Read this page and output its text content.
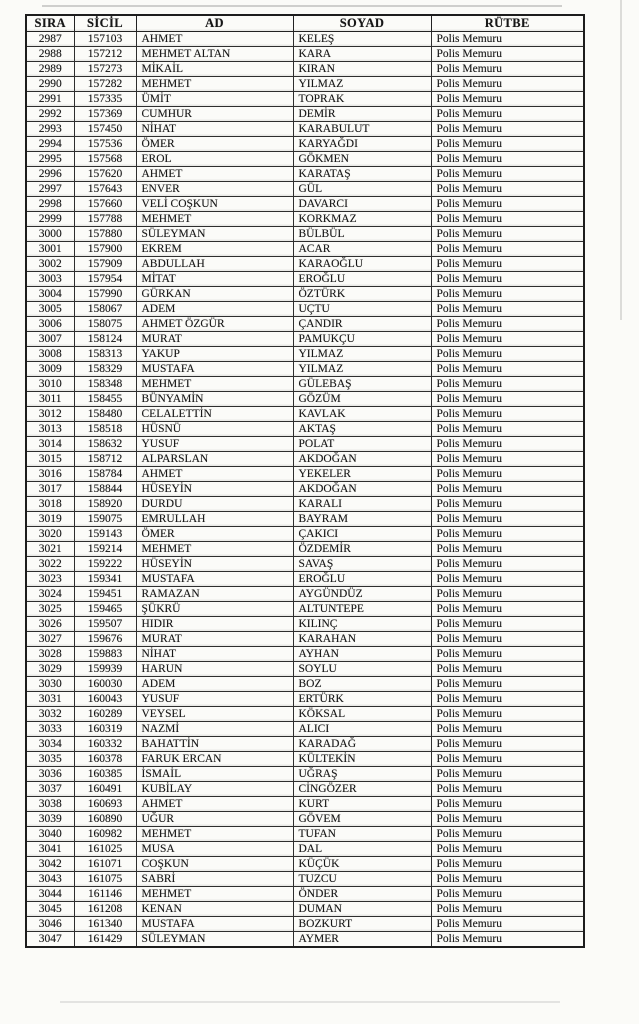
SIRA	SİCİL	AD	SOYAD	RÜTBE
2987	157103	AHMET	KELEŞ	Polis Memuru
2988	157212	MEHMET ALTAN	KARA	Polis Memuru
2989	157273	MİKAİL	KIRAN	Polis Memuru
2990	157282	MEHMET	YILMAZ	Polis Memuru
2991	157335	ÜMİT	TOPRAK	Polis Memuru
2992	157369	CUMHUR	DEMİR	Polis Memuru
2993	157450	NİHAT	KARABULUT	Polis Memuru
2994	157536	ÖMER	KARYAĞDI	Polis Memuru
2995	157568	EROL	GÖKMEN	Polis Memuru
2996	157620	AHMET	KARATAŞ	Polis Memuru
2997	157643	ENVER	GÜL	Polis Memuru
2998	157660	VELİ COŞKUN	DAVARCI	Polis Memuru
2999	157788	MEHMET	KORKMAZ	Polis Memuru
3000	157880	SÜLEYMAN	BÜLBÜL	Polis Memuru
3001	157900	EKREM	ACAR	Polis Memuru
3002	157909	ABDULLAH	KARAOĞLU	Polis Memuru
3003	157954	MİTAT	EROĞLU	Polis Memuru
3004	157990	GÜRKAN	ÖZTÜRK	Polis Memuru
3005	158067	ADEM	UÇTU	Polis Memuru
3006	158075	AHMET ÖZGÜR	ÇANDIR	Polis Memuru
3007	158124	MURAT	PAMUKÇU	Polis Memuru
3008	158313	YAKUP	YILMAZ	Polis Memuru
3009	158329	MUSTAFA	YILMAZ	Polis Memuru
3010	158348	MEHMET	GÜLEBAŞ	Polis Memuru
3011	158455	BÜNYAMİN	GÖZÜM	Polis Memuru
3012	158480	CELALETTİN	KAVLAK	Polis Memuru
3013	158518	HÜSNÜ	AKTAŞ	Polis Memuru
3014	158632	YUSUF	POLAT	Polis Memuru
3015	158712	ALPARSLAN	AKDOĞAN	Polis Memuru
3016	158784	AHMET	YEKELER	Polis Memuru
3017	158844	HÜSEYİN	AKDOĞAN	Polis Memuru
3018	158920	DURDU	KARALI	Polis Memuru
3019	159075	EMRULLAH	BAYRAM	Polis Memuru
3020	159143	ÖMER	ÇAKICI	Polis Memuru
3021	159214	MEHMET	ÖZDEMİR	Polis Memuru
3022	159222	HÜSEYİN	SAVAŞ	Polis Memuru
3023	159341	MUSTAFA	EROĞLU	Polis Memuru
3024	159451	RAMAZAN	AYGÜNDÜZ	Polis Memuru
3025	159465	ŞÜKRÜ	ALTUNTEPE	Polis Memuru
3026	159507	HIDIR	KILINÇ	Polis Memuru
3027	159676	MURAT	KARAHAN	Polis Memuru
3028	159883	NİHAT	AYHAN	Polis Memuru
3029	159939	HARUN	SOYLU	Polis Memuru
3030	160030	ADEM	BOZ	Polis Memuru
3031	160043	YUSUF	ERTÜRK	Polis Memuru
3032	160289	VEYSEL	KÖKSAL	Polis Memuru
3033	160319	NAZMİ	ALICI	Polis Memuru
3034	160332	BAHATTİN	KARADAĞ	Polis Memuru
3035	160378	FARUK ERCAN	KÜLTEKİN	Polis Memuru
3036	160385	İSMAİL	UĞRAŞ	Polis Memuru
3037	160491	KUBİLAY	CİNGÖZER	Polis Memuru
3038	160693	AHMET	KURT	Polis Memuru
3039	160890	UĞUR	GÖVEM	Polis Memuru
3040	160982	MEHMET	TUFAN	Polis Memuru
3041	161025	MUSA	DAL	Polis Memuru
3042	161071	COŞKUN	KÜÇÜK	Polis Memuru
3043	161075	SABRİ	TUZCU	Polis Memuru
3044	161146	MEHMET	ÖNDER	Polis Memuru
3045	161208	KENAN	DUMAN	Polis Memuru
3046	161340	MUSTAFA	BOZKURT	Polis Memuru
3047	161429	SÜLEYMAN	AYMER	Polis Memuru
